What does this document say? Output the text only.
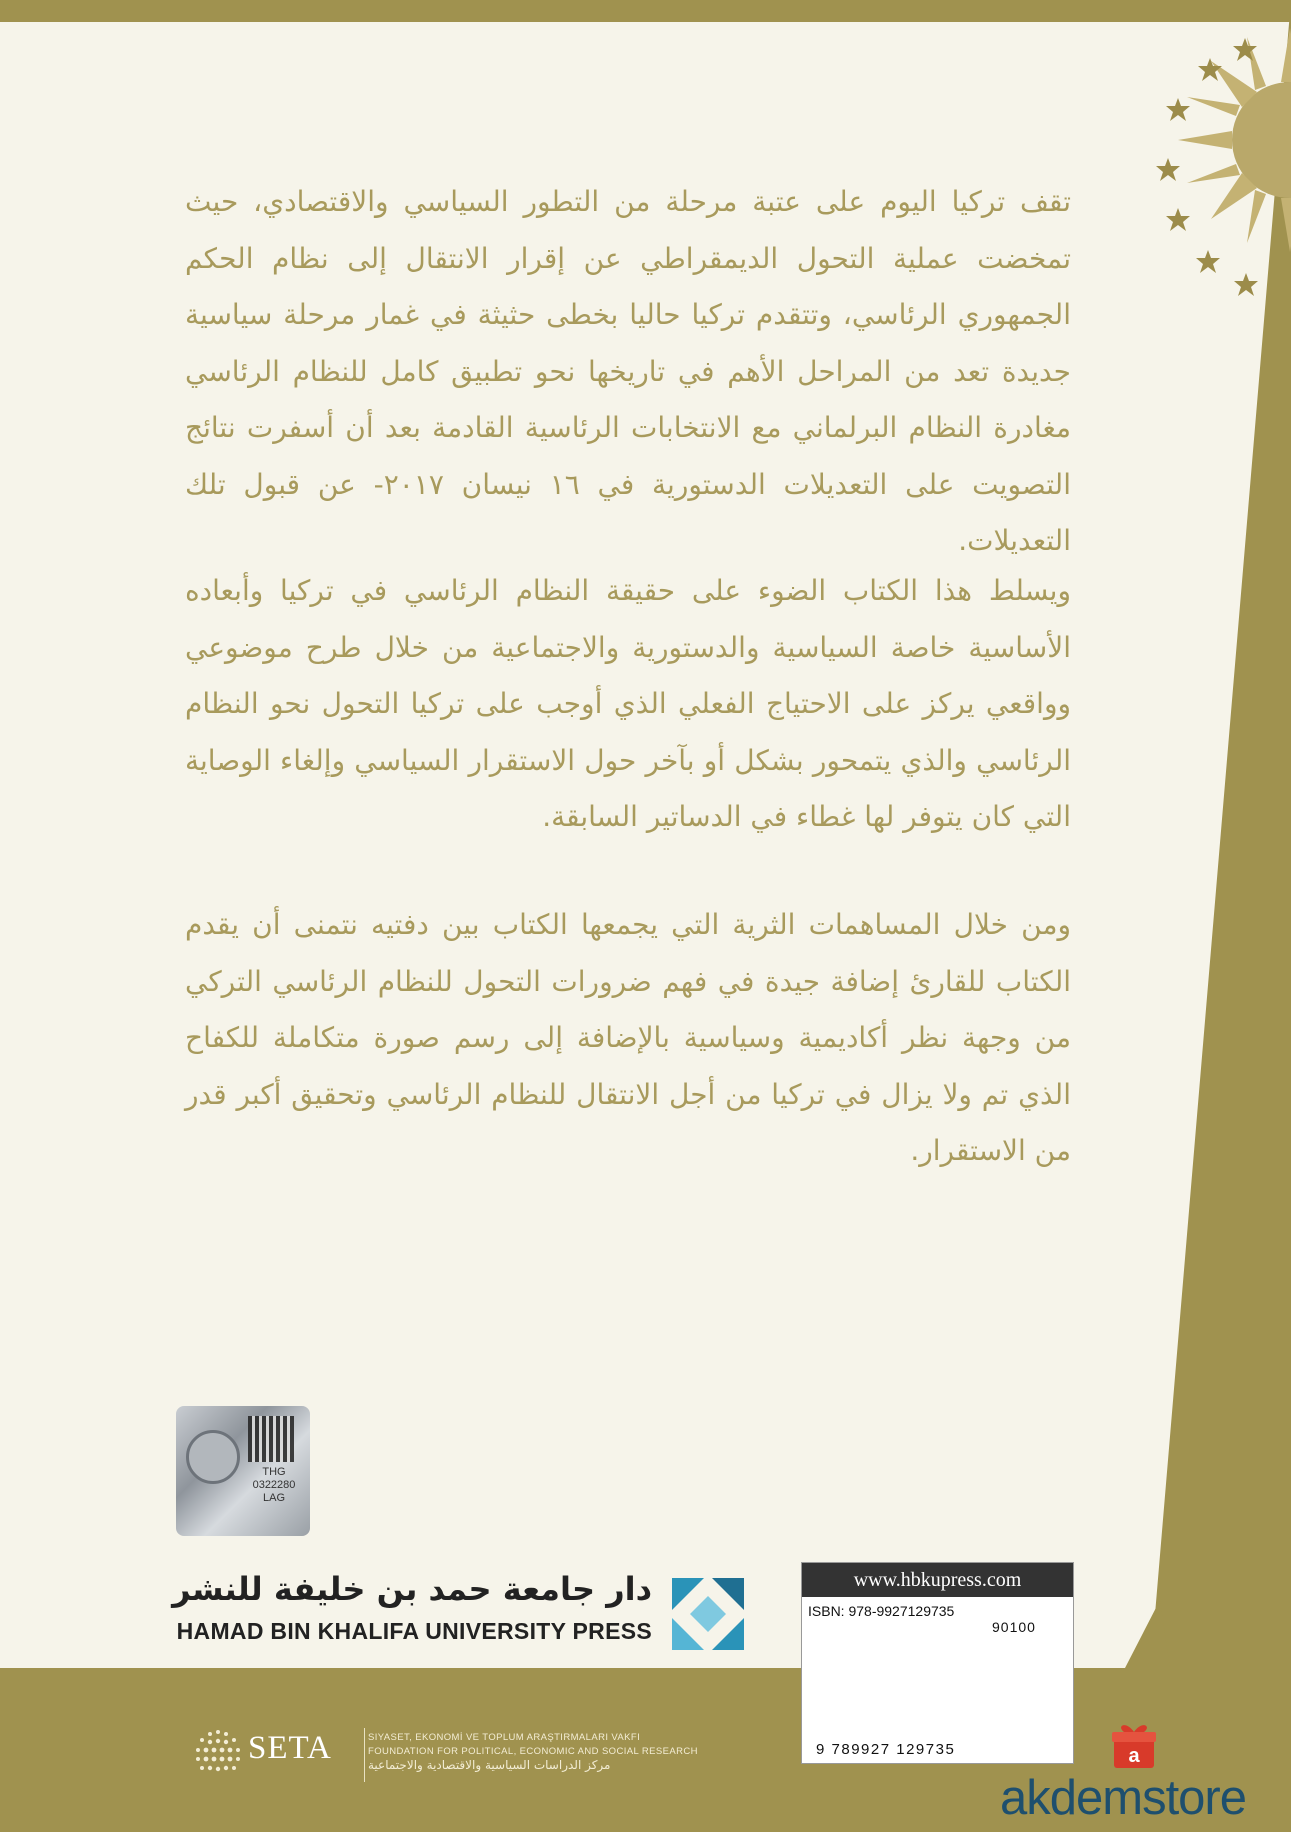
تقف تركيا اليوم على عتبة مرحلة من التطور السياسي والاقتصادي، حيث تمخضت عملية التحول الديمقراطي عن إقرار الانتقال إلى نظام الحكم الجمهوري الرئاسي، وتتقدم تركيا حاليا بخطى حثيثة في غمار مرحلة سياسية جديدة تعد من المراحل الأهم في تاريخها نحو تطبيق كامل للنظام الرئاسي مغادرة النظام البرلماني مع الانتخابات الرئاسية القادمة بعد أن أسفرت نتائج التصويت على التعديلات الدستورية في ١٦ نيسان ٢٠١٧- عن قبول تلك التعديلات.

ويسلط هذا الكتاب الضوء على حقيقة النظام الرئاسي في تركيا وأبعاده الأساسية خاصة السياسية والدستورية والاجتماعية من خلال طرح موضوعي وواقعي يركز على الاحتياج الفعلي الذي أوجب على تركيا التحول نحو النظام الرئاسي والذي يتمحور بشكل أو بآخر حول الاستقرار السياسي وإلغاء الوصاية التي كان يتوفر لها غطاء في الدساتير السابقة.

ومن خلال المساهمات الثرية التي يجمعها الكتاب بين دفتيه نتمنى أن يقدم الكتاب للقارئ إضافة جيدة في فهم ضرورات التحول للنظام الرئاسي التركي من وجهة نظر أكاديمية وسياسية بالإضافة إلى رسم صورة متكاملة للكفاح الذي تم ولا يزال في تركيا من أجل الانتقال للنظام الرئاسي وتحقيق أكبر قدر من الاستقرار.

THG
0322280
LAG
دار جامعة حمد بن خليفة للنشر
HAMAD BIN KHALIFA UNIVERSITY PRESS
www.hbkupress.com
ISBN: 978-9927129735
90100
9 789927 129735
SETA	SIYASET, EKONOMİ VE TOPLUM ARAŞTIRMALARI VAKFI
FOUNDATION FOR POLITICAL, ECONOMIC AND SOCIAL RESEARCH
مركز الدراسات السياسية والاقتصادية والاجتماعية	a
akdemstore
